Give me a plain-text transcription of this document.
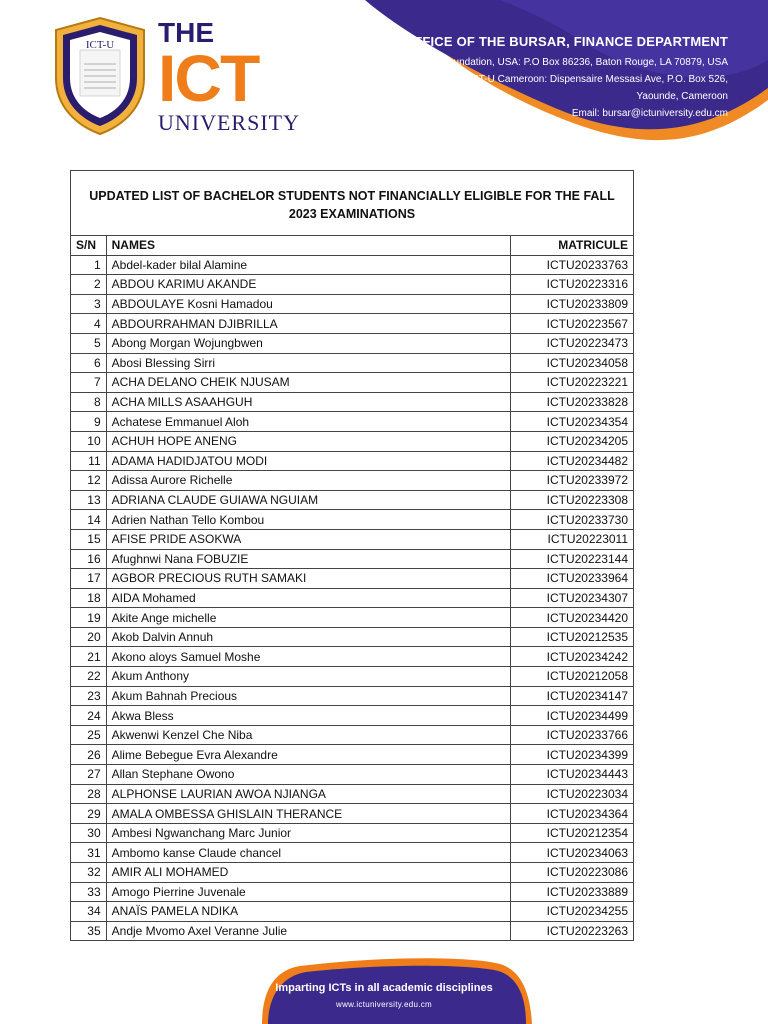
ICT-U THE
ICT
UNIVERSITY
OFFICE OF THE BURSAR, FINANCE DEPARTMENT
ICT-U Foundation, USA: P.O Box 86236, Baton Rouge, LA 70879, USA
ICT-U Cameroon: Dispensaire Messasi Ave, P.O. Box 526,
Yaounde, Cameroon
Email: bursar@ictuniversity.edu.cm
UPDATED LIST OF BACHELOR STUDENTS NOT FINANCIALLY ELIGIBLE FOR THE FALL 2023 EXAMINATIONS		
S/N	NAMES	MATRICULE
1	Abdel-kader bilal Alamine	ICTU20233763
2	ABDOU KARIMU AKANDE	ICTU20223316
3	ABDOULAYE Kosni Hamadou	ICTU20233809
4	ABDOURRAHMAN DJIBRILLA	ICTU20223567
5	Abong Morgan Wojungbwen	ICTU20223473
6	Abosi Blessing Sirri	ICTU20234058
7	ACHA DELANO CHEIK NJUSAM	ICTU20223221
8	ACHA MILLS ASAAHGUH	ICTU20233828
9	Achatese Emmanuel Aloh	ICTU20234354
10	ACHUH HOPE ANENG	ICTU20234205
11	ADAMA HADIDJATOU MODI	ICTU20234482
12	Adissa Aurore Richelle	ICTU20233972
13	ADRIANA CLAUDE GUIAWA NGUIAM	ICTU20223308
14	Adrien Nathan Tello Kombou	ICTU20233730
15	AFISE PRIDE ASOKWA	ICTU20223011
16	Afughnwi Nana FOBUZIE	ICTU20223144
17	AGBOR PRECIOUS RUTH SAMAKI	ICTU20233964
18	AIDA Mohamed	ICTU20234307
19	Akite Ange michelle	ICTU20234420
20	Akob Dalvin Annuh	ICTU20212535
21	Akono aloys Samuel Moshe	ICTU20234242
22	Akum Anthony	ICTU20212058
23	Akum Bahnah Precious	ICTU20234147
24	Akwa Bless	ICTU20234499
25	Akwenwi Kenzel Che Niba	ICTU20233766
26	Alime Bebegue Evra Alexandre	ICTU20234399
27	Allan Stephane Owono	ICTU20234443
28	ALPHONSE LAURIAN AWOA NJIANGA	ICTU20223034
29	AMALA OMBESSA GHISLAIN THERANCE	ICTU20234364
30	Ambesi Ngwanchang Marc Junior	ICTU20212354
31	Ambomo kanse Claude chancel	ICTU20234063
32	AMIR ALI MOHAMED	ICTU20223086
33	Amogo Pierrine Juvenale	ICTU20233889
34	ANAÏS PAMELA NDIKA	ICTU20234255
35	Andje Mvomo Axel Veranne Julie	ICTU20223263
Imparting ICTs in all academic disciplines
www.ictuniversity.edu.cm
